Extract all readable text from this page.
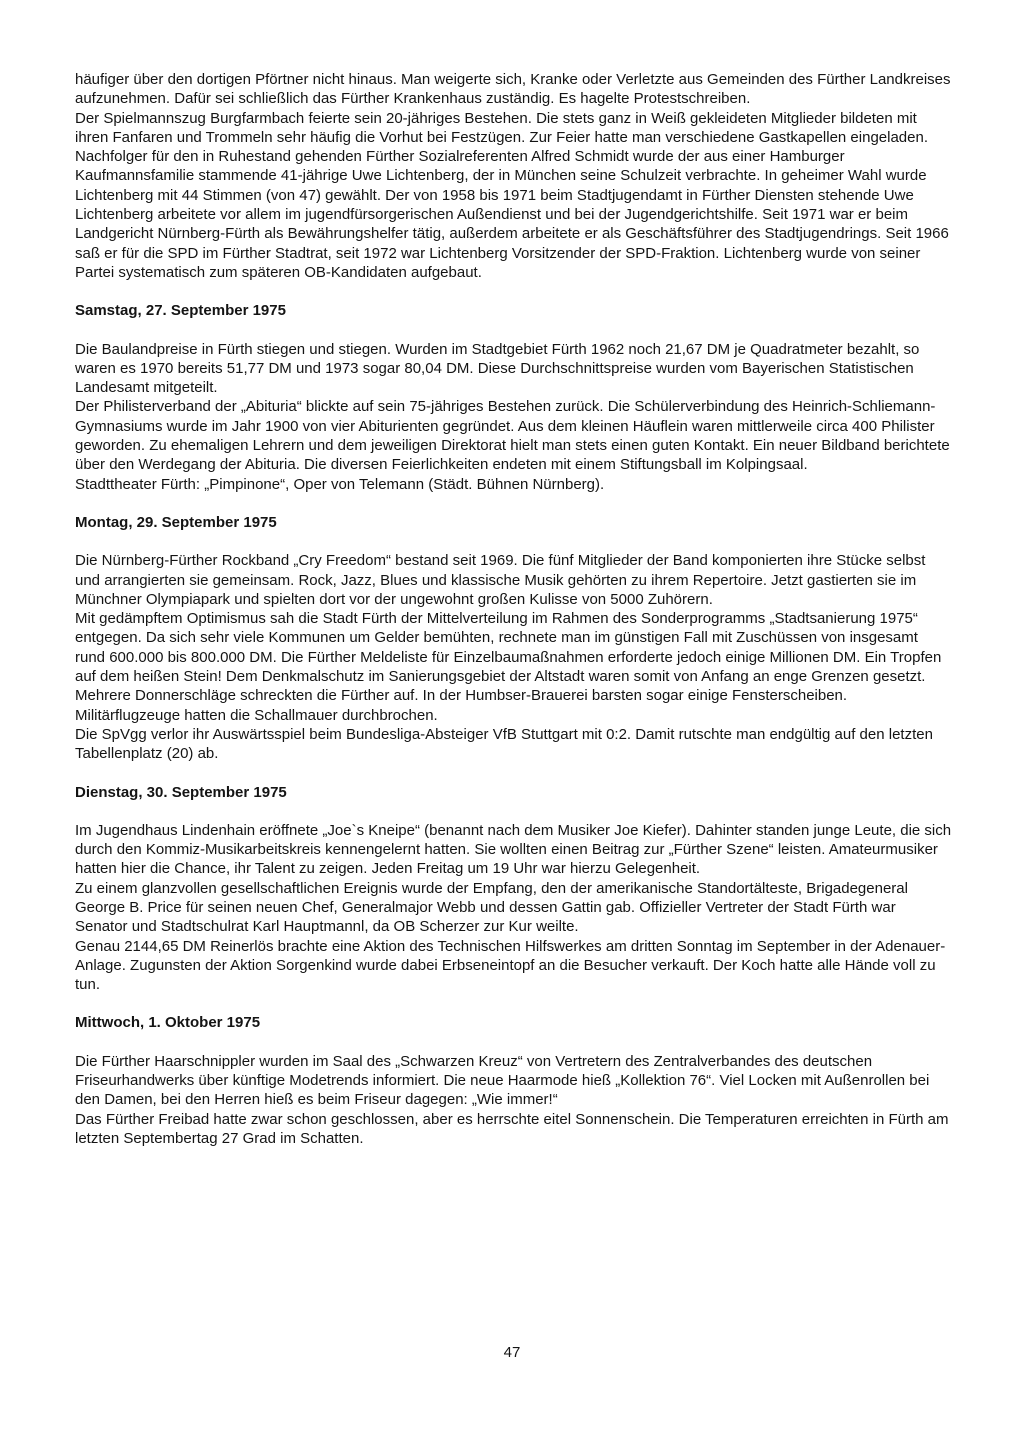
häufiger über den dortigen Pförtner nicht hinaus. Man weigerte sich, Kranke oder Verletzte aus Gemeinden des Fürther Landkreises aufzunehmen. Dafür sei schließlich das Fürther Krankenhaus zuständig. Es hagelte Protestschreiben.

Der Spielmannszug Burgfarmbach feierte sein 20-jähriges Bestehen. Die stets ganz in Weiß gekleideten Mitglieder bildeten mit ihren Fanfaren und Trommeln sehr häufig die Vorhut bei Festzügen. Zur Feier hatte man verschiedene Gastkapellen eingeladen.

Nachfolger für den in Ruhestand gehenden Fürther Sozialreferenten Alfred Schmidt wurde der aus einer Hamburger Kaufmannsfamilie stammende 41-jährige Uwe Lichtenberg, der in München seine Schulzeit verbrachte. In geheimer Wahl wurde Lichtenberg mit 44 Stimmen (von 47) gewählt. Der von 1958 bis 1971 beim Stadtjugendamt in Fürther Diensten stehende Uwe Lichtenberg arbeitete vor allem im jugendfürsorgerischen Außendienst und bei der Jugendgerichtshilfe. Seit 1971 war er beim Landgericht Nürnberg-Fürth als Bewährungshelfer tätig, außerdem arbeitete er als Geschäftsführer des Stadtjugendrings. Seit 1966 saß er für die SPD im Fürther Stadtrat, seit 1972 war Lichtenberg Vorsitzender der SPD-Fraktion. Lichtenberg wurde von seiner Partei systematisch zum späteren OB-Kandidaten aufgebaut.

Samstag, 27. September 1975

Die Baulandpreise in Fürth stiegen und stiegen. Wurden im Stadtgebiet Fürth 1962 noch 21,67 DM je Quadratmeter bezahlt, so waren es 1970 bereits 51,77 DM und 1973 sogar 80,04 DM. Diese Durchschnittspreise wurden vom Bayerischen Statistischen Landesamt mitgeteilt.

Der Philisterverband der „Abituria“ blickte auf sein 75-jähriges Bestehen zurück. Die Schülerverbindung des Heinrich-Schliemann-Gymnasiums wurde im Jahr 1900 von vier Abiturienten gegründet. Aus dem kleinen Häuflein waren mittlerweile circa 400 Philister geworden. Zu ehemaligen Lehrern und dem jeweiligen Direktorat hielt man stets einen guten Kontakt. Ein neuer Bildband berichtete über den Werdegang der Abituria. Die diversen Feierlichkeiten endeten mit einem Stiftungsball im Kolpingsaal.

Stadttheater Fürth: „Pimpinone“, Oper von Telemann (Städt. Bühnen Nürnberg).

Montag, 29. September 1975

Die Nürnberg-Fürther Rockband „Cry Freedom“ bestand seit 1969. Die fünf Mitglieder der Band komponierten ihre Stücke selbst und arrangierten sie gemeinsam. Rock, Jazz, Blues und klassische Musik gehörten zu ihrem Repertoire. Jetzt gastierten sie im Münchner Olympiapark und spielten dort vor der ungewohnt großen Kulisse von 5000 Zuhörern.

Mit gedämpftem Optimismus sah die Stadt Fürth der Mittelverteilung im Rahmen des Sonderprogramms „Stadtsanierung 1975“ entgegen. Da sich sehr viele Kommunen um Gelder bemühten, rechnete man im günstigen Fall mit Zuschüssen von insgesamt rund 600.000 bis 800.000 DM. Die Fürther Meldeliste für Einzelbaumaßnahmen erforderte jedoch einige Millionen DM. Ein Tropfen auf dem heißen Stein! Dem Denkmalschutz im Sanierungsgebiet der Altstadt waren somit von Anfang an enge Grenzen gesetzt.

Mehrere Donnerschläge schreckten die Fürther auf. In der Humbser-Brauerei barsten sogar einige Fensterscheiben. Militärflugzeuge hatten die Schallmauer durchbrochen.

Die SpVgg verlor ihr Auswärtsspiel beim Bundesliga-Absteiger VfB Stuttgart mit 0:2. Damit rutschte man endgültig auf den letzten Tabellenplatz (20) ab.

Dienstag, 30. September 1975

Im Jugendhaus Lindenhain eröffnete „Joe`s Kneipe“ (benannt nach dem Musiker Joe Kiefer). Dahinter standen junge Leute, die sich durch den Kommiz-Musikarbeitskreis kennengelernt hatten. Sie wollten einen Beitrag zur „Fürther Szene“ leisten. Amateurmusiker hatten hier die Chance, ihr Talent zu zeigen. Jeden Freitag um 19 Uhr war hierzu Gelegenheit.

Zu einem glanzvollen gesellschaftlichen Ereignis wurde der Empfang, den der amerikanische Standortälteste, Brigadegeneral George B. Price für seinen neuen Chef, Generalmajor Webb und dessen Gattin gab. Offizieller Vertreter der Stadt Fürth war Senator und Stadtschulrat Karl Hauptmannl, da OB Scherzer zur Kur weilte.

Genau 2144,65 DM Reinerlös brachte eine Aktion des Technischen Hilfswerkes am dritten Sonntag im September in der Adenauer-Anlage. Zugunsten der Aktion Sorgenkind wurde dabei Erbseneintopf an die Besucher verkauft. Der Koch hatte alle Hände voll zu tun.

Mittwoch, 1. Oktober 1975

Die Fürther Haarschnippler wurden im Saal des „Schwarzen Kreuz“ von Vertretern des Zentralverbandes des deutschen Friseurhandwerks über künftige Modetrends informiert. Die neue Haarmode hieß „Kollektion 76“. Viel Locken mit Außenrollen bei den Damen, bei den Herren hieß es beim Friseur dagegen: „Wie immer!“

Das Fürther Freibad hatte zwar schon geschlossen, aber es herrschte eitel Sonnenschein. Die Temperaturen erreichten in Fürth am letzten Septembertag 27 Grad im Schatten.

47
